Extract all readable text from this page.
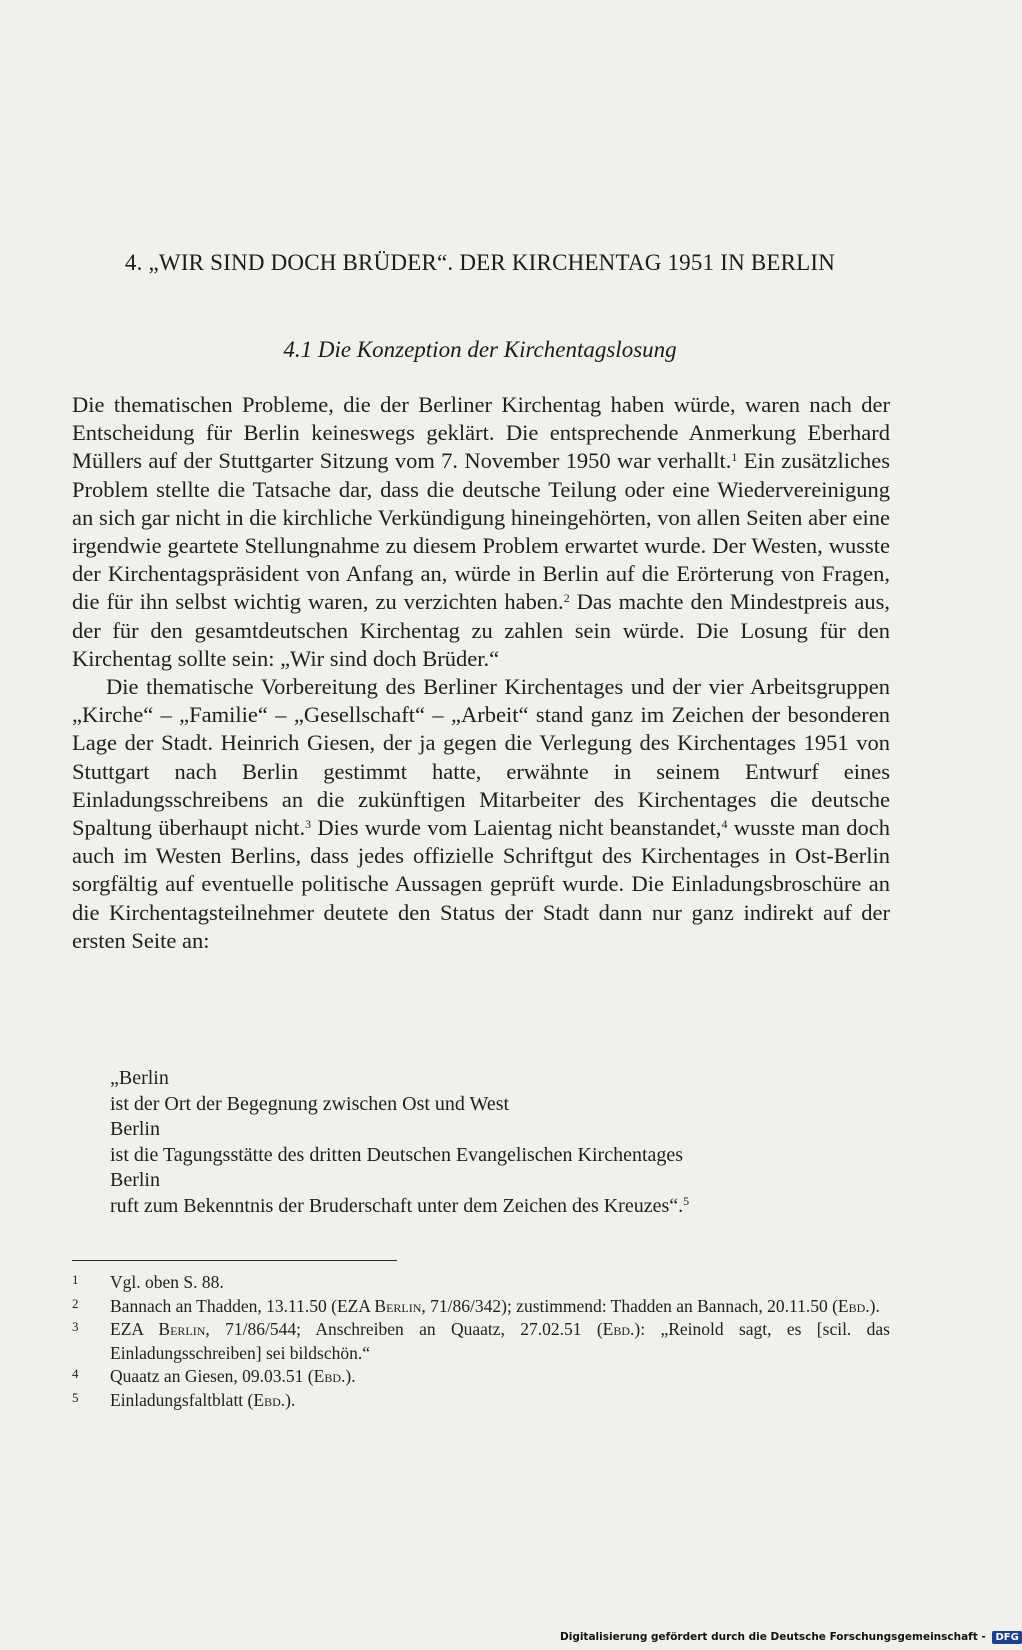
4. „WIR SIND DOCH BRÜDER“. DER KIRCHENTAG 1951 IN BERLIN
4.1 Die Konzeption der Kirchentagslosung

Die thematischen Probleme, die der Berliner Kirchentag haben würde, waren nach der Entscheidung für Berlin keineswegs geklärt. Die entsprechende Anmerkung Eberhard Müllers auf der Stuttgarter Sitzung vom 7. November 1950 war verhallt.$^1$ Ein zusätzliches Problem stellte die Tatsache dar, dass die deutsche Teilung oder eine Wiedervereinigung an sich gar nicht in die kirchliche Verkündigung hineingehörten, von allen Seiten aber eine irgendwie geartete Stellungnahme zu diesem Problem erwartet wurde. Der Westen, wusste der Kirchentagspräsident von Anfang an, würde in Berlin auf die Erörterung von Fragen, die für ihn selbst wichtig waren, zu verzichten haben.$^2$ Das machte den Mindestpreis aus, der für den gesamtdeutschen Kirchentag zu zahlen sein würde. Die Losung für den Kirchentag sollte sein: „Wir sind doch Brüder.“

Die thematische Vorbereitung des Berliner Kirchentages und der vier Arbeitsgruppen „Kirche“ – „Familie“ – „Gesellschaft“ – „Arbeit“ stand ganz im Zeichen der besonderen Lage der Stadt. Heinrich Giesen, der ja gegen die Verlegung des Kirchentages 1951 von Stuttgart nach Berlin gestimmt hatte, erwähnte in seinem Entwurf eines Einladungsschreibens an die zukünftigen Mitarbeiter des Kirchentages die deutsche Spaltung überhaupt nicht.$^3$ Dies wurde vom Laientag nicht beanstandet,$^4$ wusste man doch auch im Westen Berlins, dass jedes offizielle Schriftgut des Kirchentages in Ost-Berlin sorgfältig auf eventuelle politische Aussagen geprüft wurde. Die Einladungsbroschüre an die Kirchentagsteilnehmer deutete den Status der Stadt dann nur ganz indirekt auf der ersten Seite an:

„Berlin
ist der Ort der Begegnung zwischen Ost und West
Berlin
ist die Tagungsstätte des dritten Deutschen Evangelischen Kirchentages
Berlin
ruft zum Bekenntnis der Bruderschaft unter dem Zeichen des Kreuzes“.$^5$
1 Vgl. oben S. 88.
2 Bannach an Thadden, 13.11.50 (EZA Berlin, 71/86/342); zustimmend: Thadden an Bannach, 20.11.50 (Ebd.).
3 EZA Berlin, 71/86/544; Anschreiben an Quaatz, 27.02.51 (Ebd.): „Reinold sagt, es [scil. das Einladungsschreiben] sei bildschön.“
4 Quaatz an Giesen, 09.03.51 (Ebd.).
5 Einladungsfaltblatt (Ebd.).
Digitalisierung gefördert durch die Deutsche Forschungsgemeinschaft - DFG
